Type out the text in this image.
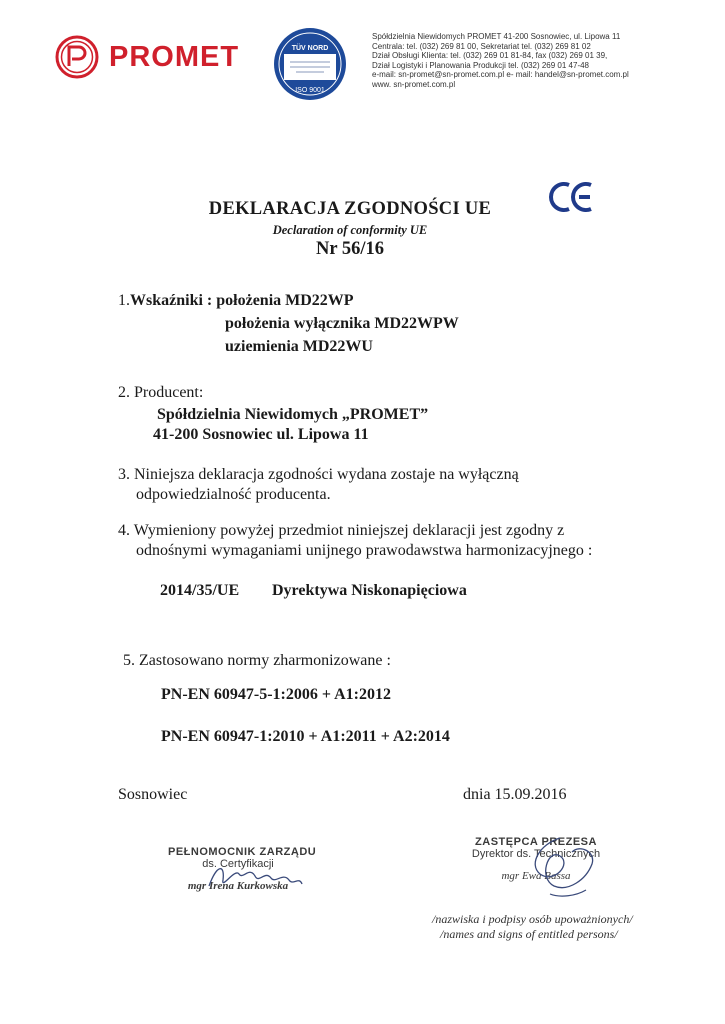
PROMET	TÜV NORD
ISO 9001
Spółdzielnia Niewidomych PROMET 41-200 Sosnowiec, ul. Lipowa 11
Centrala: tel. (032) 269 81 00, Sekretariat tel. (032) 269 81 02
Dział Obsługi Klienta: tel. (032) 269 01 81-84, fax (032) 269 01 39,
Dział Logistyki i Planowania Produkcji tel. (032) 269 01 47-48
e-mail: sn-promet@sn-promet.com.pl e- mail: handel@sn-promet.com.pl
www. sn-promet.com.pl
DEKLARACJA ZGODNOŚCI UE
Declaration of conformity UE
Nr 56/16
1.Wskaźniki : położenia MD22WP
położenia wyłącznika MD22WPW
uziemienia MD22WU
2. Producent:
Spółdzielnia Niewidomych „PROMET”
41-200 Sosnowiec ul. Lipowa 11
3. Niniejsza deklaracja zgodności wydana zostaje na wyłączną
odpowiedzialność producenta.
4. Wymieniony powyżej przedmiot niniejszej deklaracji jest zgodny z
odnośnymi wymaganiami unijnego prawodawstwa harmonizacyjnego :
2014/35/UE Dyrektywa Niskonapięciowa
5. Zastosowano normy zharmonizowane :
PN-EN 60947-5-1:2006 + A1:2012
PN-EN 60947-1:2010 + A1:2011 + A2:2014
Sosnowiec	dnia 15.09.2016
PEŁNOMOCNIK ZARZĄDU
ds. Certyfikacji
mgr Irena Kurkowska
ZASTĘPCA PREZESA
Dyrektor ds. Technicznych
mgr Ewa Bassa
/nazwiska i podpisy osób upoważnionych/
/names and signs of entitled persons/
